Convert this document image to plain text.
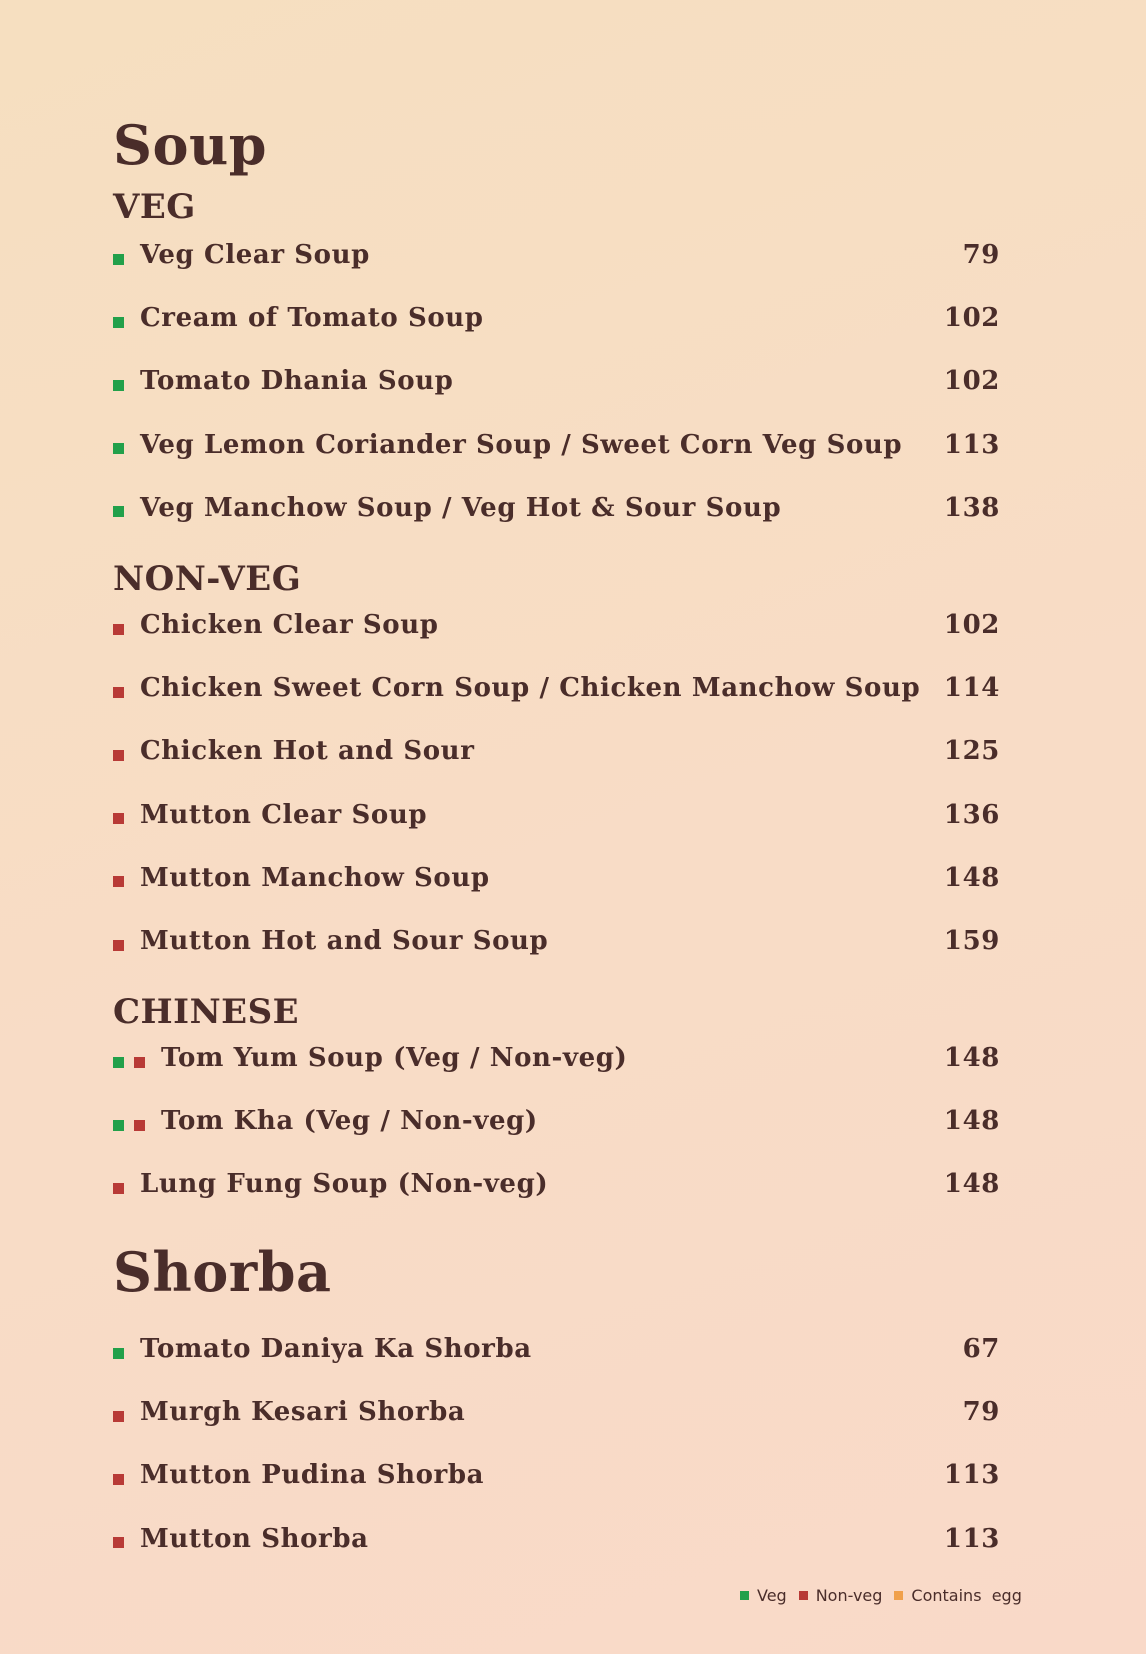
Soup
VEG
Veg Clear Soup	79
Cream of Tomato Soup	102
Tomato Dhania Soup	102
Veg Lemon Coriander Soup / Sweet Corn Veg Soup	113
Veg Manchow Soup / Veg Hot & Sour Soup	138
NON-VEG
Chicken Clear Soup	102
Chicken Sweet Corn Soup / Chicken Manchow Soup 114
Chicken Hot and Sour	125
Mutton Clear Soup	136
Mutton Manchow Soup	148
Mutton Hot and Sour Soup	159
CHINESE
Tom Yum Soup (Veg / Non-veg)	148
Tom Kha (Veg / Non-veg)	148
Lung Fung Soup (Non-veg)	148
Shorba
Tomato Daniya Ka Shorba	67
Murgh Kesari Shorba	79
Mutton Pudina Shorba	113
Mutton Shorba	113
Veg Non-veg Contains  egg
